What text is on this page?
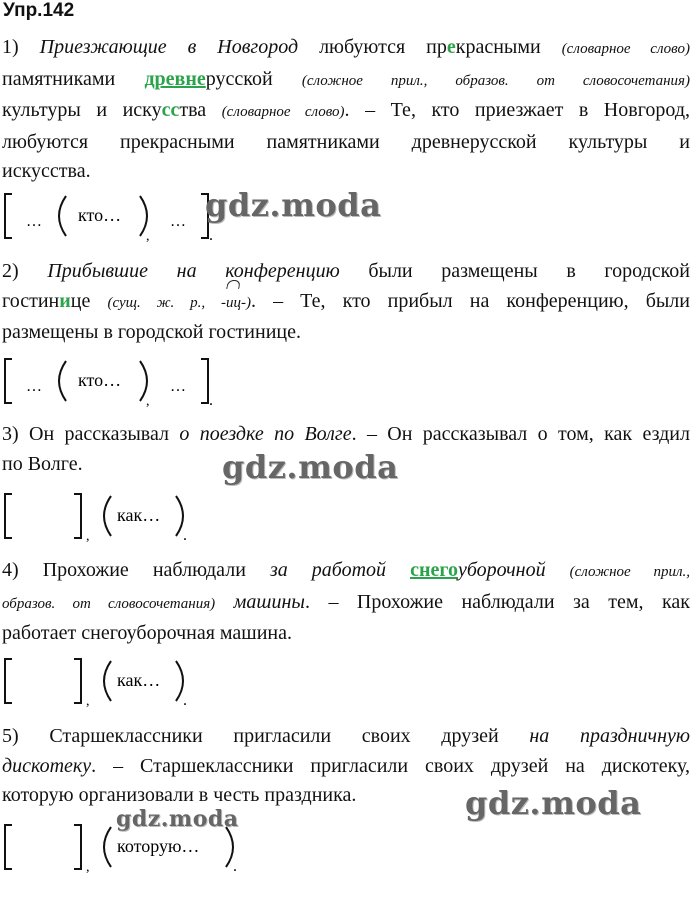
Упр.142
1) Приезжающие в Новгород любуются прекрасными (словарное слово)
памятниками древнерусской (сложное прил., образов. от словосочетания)
культуры и искусства (словарное слово). – Те, кто приезжает в Новгород,
любуются прекрасными памятниками древнерусской культуры и
искусства.
… кто…
,
…
.
2) Прибывшие на конференцию были размещены в городской
гостинице (сущ. ж. р., -иц-). – Те, кто прибыл на конференцию, были
размещены в городской гостинице.
… кто…
,
…
.
3) Он рассказывал о поездке по Волге. – Он рассказывал о том, как ездил
по Волге.
,
как…
.
4) Прохожие наблюдали за работой снегоуборочной (сложное прил.,
образов. от словосочетания) машины. – Прохожие наблюдали за тем, как
работает снегоуборочная машина.
,
как…
.
5) Старшеклассники пригласили своих друзей на праздничную
дискотеку. – Старшеклассники пригласили своих друзей на дискотеку,
которую организовали в честь праздника.
,
которую…
.
gdz.moda
gdz.moda
gdz.moda
gdz.moda
